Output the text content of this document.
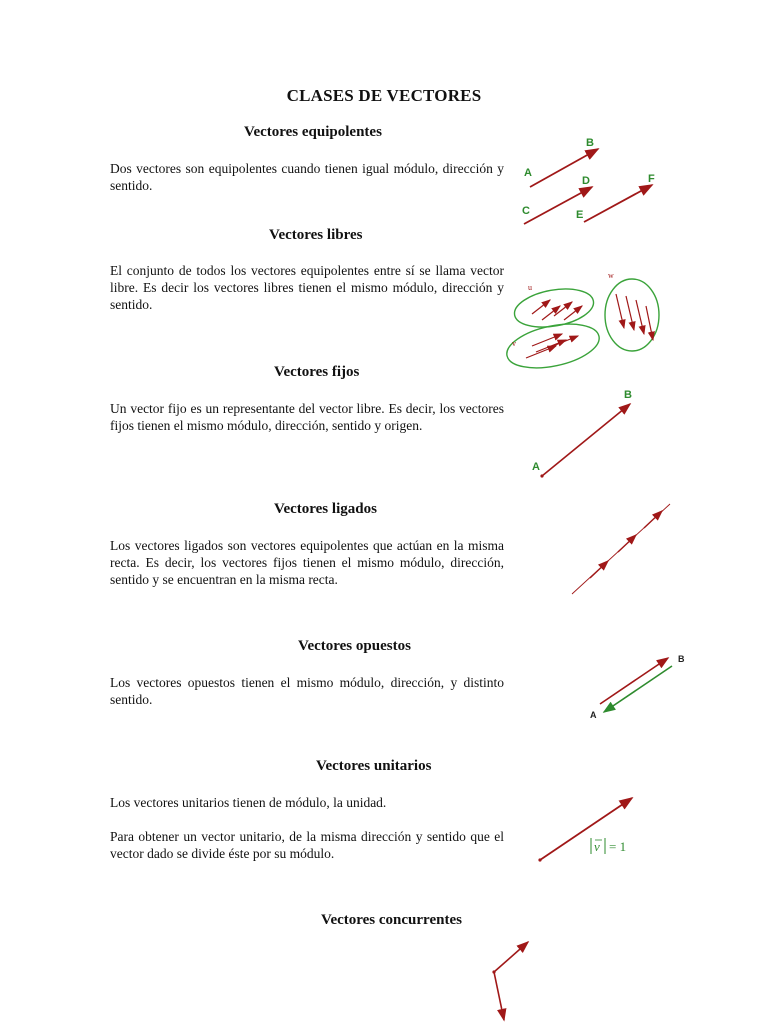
CLASES DE VECTORES
Vectores equipolentes

Dos vectores son equipolentes cuando tienen igual módulo, dirección y sentido.

A
B
C
D
E
F
Vectores libres

El conjunto de todos los vectores equipolentes entre sí se llama vector libre. Es decir los vectores libres tienen el mismo módulo, dirección y sentido.

u
w
v
Vectores fijos

Un vector fijo es un representante del vector libre. Es decir, los vectores fijos tienen el mismo módulo, dirección, sentido y origen.

A
B
Vectores ligados

Los vectores ligados son vectores equipolentes que actúan en la misma recta. Es decir, los vectores fijos tienen el mismo módulo, dirección, sentido y se encuentran en la misma recta.

Vectores opuestos

Los vectores opuestos tienen el mismo módulo, dirección, y distinto sentido.

A
B
Vectores unitarios

Los vectores unitarios tienen de módulo, la unidad.

Para obtener un vector unitario, de la misma dirección y sentido que el vector dado se divide éste por su módulo.	v = 1
Vectores concurrentes
